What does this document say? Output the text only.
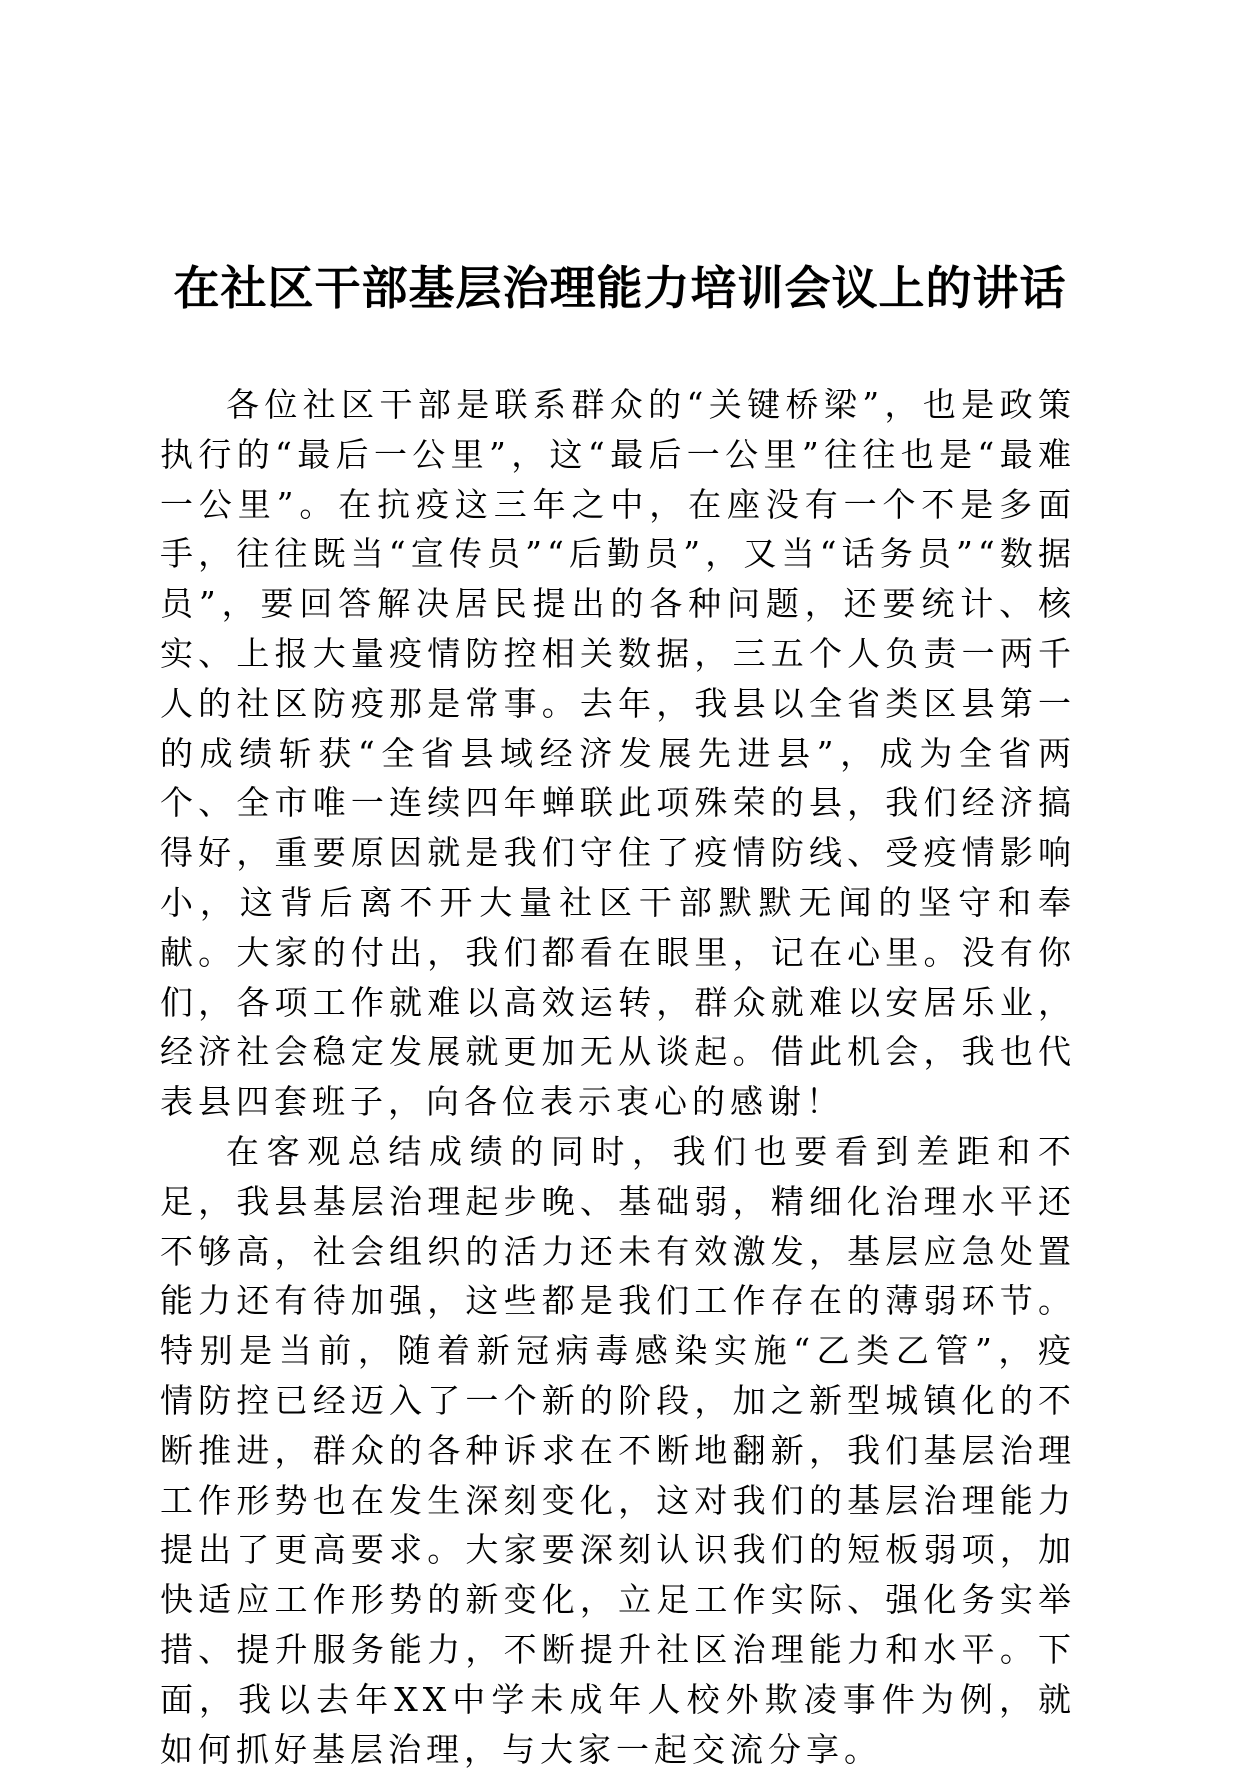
在社区干部基层治理能力培训会议上的讲话

各位社区干部是联系群众的“关键桥梁”，也是政策执行的“最后一公里”，这“最后一公里”往往也是“最难一公里”。在抗疫这三年之中，在座没有一个不是多面手，往往既当“宣传员”“后勤员”，又当“话务员”“数据员”，要回答解决居民提出的各种问题，还要统计、核实、上报大量疫情防控相关数据，三五个人负责一两千人的社区防疫那是常事。去年，我县以全省类区县第一的成绩斩获“全省县域经济发展先进县”，成为全省两个、全市唯一连续四年蝉联此项殊荣的县，我们经济搞得好，重要原因就是我们守住了疫情防线、受疫情影响小，这背后离不开大量社区干部默默无闻的坚守和奉献。大家的付出，我们都看在眼里，记在心里。没有你们，各项工作就难以高效运转，群众就难以安居乐业，经济社会稳定发展就更加无从谈起。借此机会，我也代表县四套班子，向各位表示衷心的感谢！

在客观总结成绩的同时，我们也要看到差距和不足，我县基层治理起步晚、基础弱，精细化治理水平还不够高，社会组织的活力还未有效激发，基层应急处置能力还有待加强，这些都是我们工作存在的薄弱环节。特别是当前，随着新冠病毒感染实施“乙类乙管”，疫情防控已经迈入了一个新的阶段，加之新型城镇化的不断推进，群众的各种诉求在不断地翻新，我们基层治理工作形势也在发生深刻变化，这对我们的基层治理能力提出了更高要求。大家要深刻认识我们的短板弱项，加快适应工作形势的新变化，立足工作实际、强化务实举措、提升服务能力，不断提升社区治理能力和水平。下面，我以去年XX中学未成年人校外欺凌事件为例，就如何抓好基层治理，与大家一起交流分享。
